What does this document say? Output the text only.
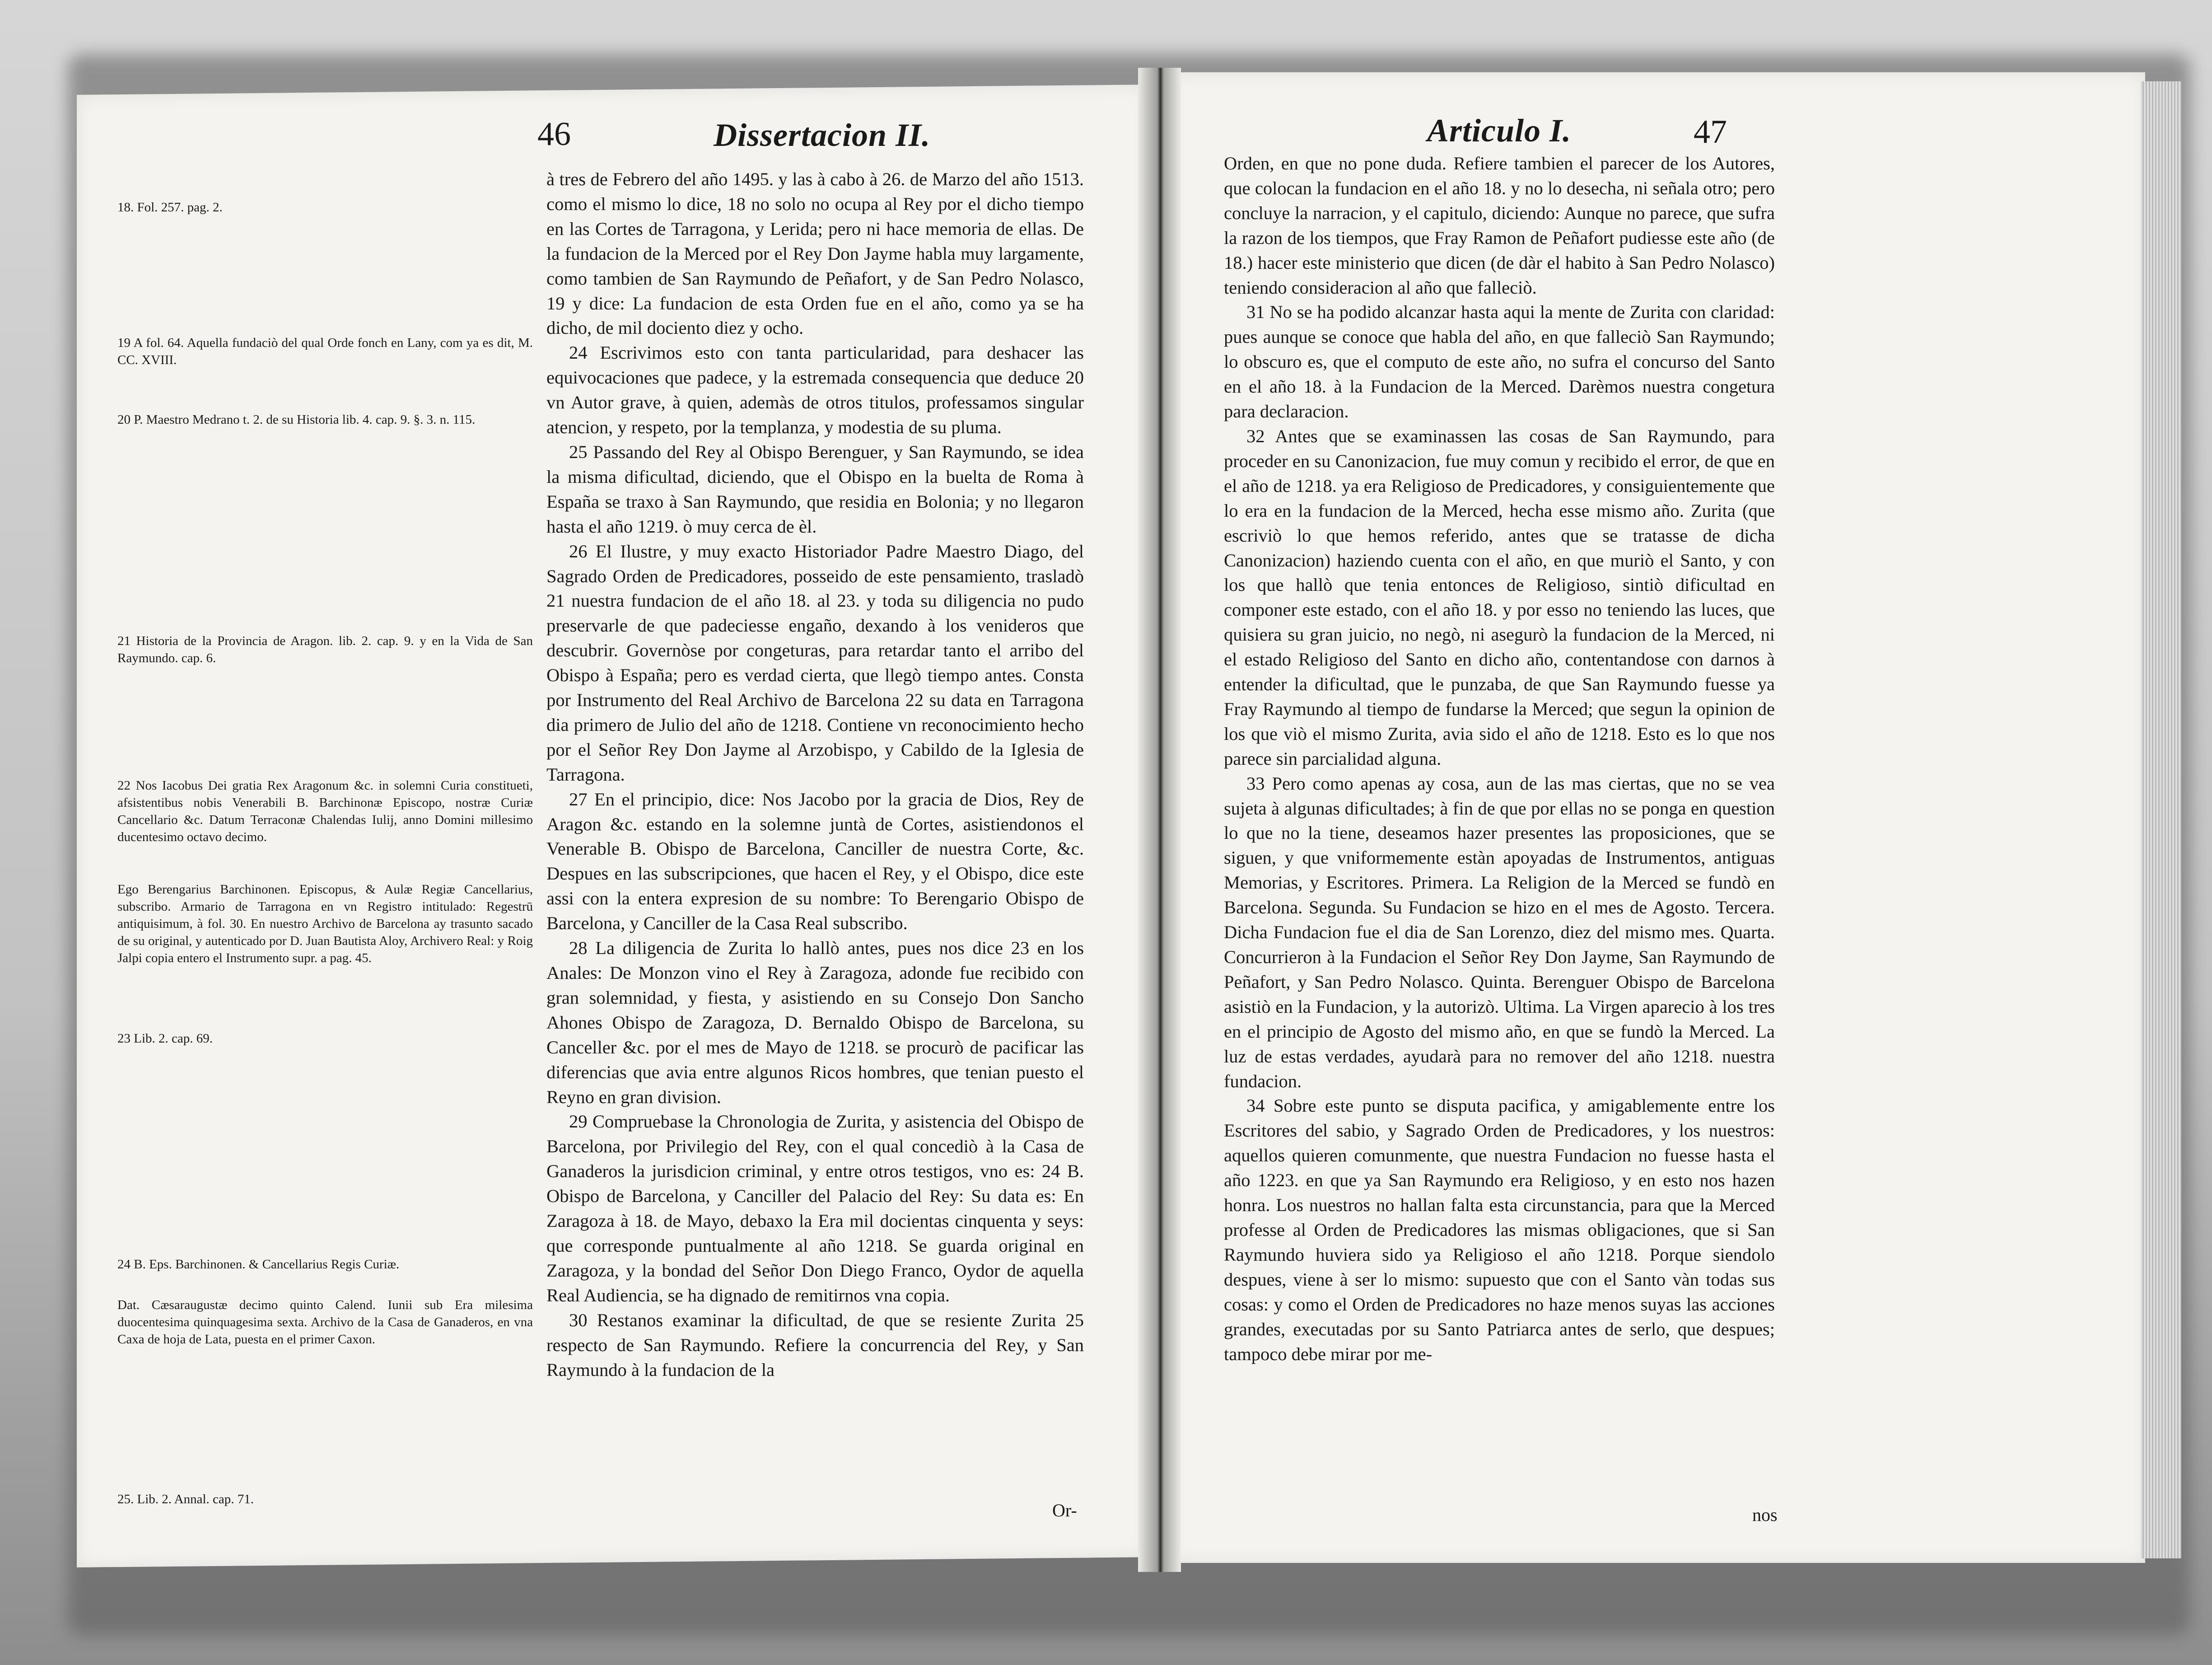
46	Dissertacion II.
18. Fol. 257. pag. 2.
19 A fol. 64. Aquella fundaciò del qual Orde fonch en Lany, com ya es dit, M. CC. XVIII.
20 P. Maestro Medrano t. 2. de su Historia lib. 4. cap. 9. §. 3. n. 115.
21 Historia de la Provincia de Aragon. lib. 2. cap. 9. y en la Vida de San Raymundo. cap. 6.
22 Nos Iacobus Dei gratia Rex Aragonum &c. in solemni Curia constitueti, afsistentibus nobis Venerabili B. Barchinonæ Episcopo, nostræ Curiæ Cancellario &c. Datum Terraconæ Chalendas Iulij, anno Domini millesimo ducentesimo octavo decimo.
Ego Berengarius Barchinonen. Episcopus, & Aulæ Regiæ Cancellarius, subscribo. Armario de Tarragona en vn Registro intitulado: Regestrū antiquisimum, à fol. 30. En nuestro Archivo de Barcelona ay trasunto sacado de su original, y autenticado por D. Juan Bautista Aloy, Archivero Real: y Roig Jalpi copia entero el Instrumento supr. a pag. 45.
23 Lib. 2. cap. 69.
24 B. Eps. Barchinonen. & Cancellarius Regis Curiæ.
Dat. Cæsaraugustæ decimo quinto Calend. Iunii sub Era milesima duocentesima quinquagesima sexta. Archivo de la Casa de Ganaderos, en vna Caxa de hoja de Lata, puesta en el primer Caxon.
25. Lib. 2. Annal. cap. 71.

à tres de Febrero del año 1495. y las à cabo à 26. de Marzo del año 1513. como el mismo lo dice, 18 no solo no ocupa al Rey por el dicho tiempo en las Cortes de Tarragona, y Lerida; pero ni hace memoria de ellas. De la fundacion de la Merced por el Rey Don Jayme habla muy largamente, como tambien de San Raymundo de Peñafort, y de San Pedro Nolasco, 19 y dice: La fundacion de esta Orden fue en el año, como ya se ha dicho, de mil dociento diez y ocho.

24 Escrivimos esto con tanta particularidad, para deshacer las equivocaciones que padece, y la estremada consequencia que deduce 20 vn Autor grave, à quien, ademàs de otros titulos, professamos singular atencion, y respeto, por la templanza, y modestia de su pluma.

25 Passando del Rey al Obispo Berenguer, y San Raymundo, se idea la misma dificultad, diciendo, que el Obispo en la buelta de Roma à España se traxo à San Raymundo, que residia en Bolonia; y no llegaron hasta el año 1219. ò muy cerca de èl.

26 El Ilustre, y muy exacto Historiador Padre Maestro Diago, del Sagrado Orden de Predicadores, posseido de este pensamiento, trasladò 21 nuestra fundacion de el año 18. al 23. y toda su diligencia no pudo preservarle de que padeciesse engaño, dexando à los venideros que descubrir. Governòse por congeturas, para retardar tanto el arribo del Obispo à España; pero es verdad cierta, que llegò tiempo antes. Consta por Instrumento del Real Archivo de Barcelona 22 su data en Tarragona dia primero de Julio del año de 1218. Contiene vn reconocimiento hecho por el Señor Rey Don Jayme al Arzobispo, y Cabildo de la Iglesia de Tarragona.

27 En el principio, dice: Nos Jacobo por la gracia de Dios, Rey de Aragon &c. estando en la solemne juntà de Cortes, asistiendonos el Venerable B. Obispo de Barcelona, Canciller de nuestra Corte, &c. Despues en las subscripciones, que hacen el Rey, y el Obispo, dice este assi con la entera expresion de su nombre: To Berengario Obispo de Barcelona, y Canciller de la Casa Real subscribo.

28 La diligencia de Zurita lo hallò antes, pues nos dice 23 en los Anales: De Monzon vino el Rey à Zaragoza, adonde fue recibido con gran solemnidad, y fiesta, y asistiendo en su Consejo Don Sancho Ahones Obispo de Zaragoza, D. Bernaldo Obispo de Barcelona, su Canceller &c. por el mes de Mayo de 1218. se procurò de pacificar las diferencias que avia entre algunos Ricos hombres, que tenian puesto el Reyno en gran division.

29 Compruebase la Chronologia de Zurita, y asistencia del Obispo de Barcelona, por Privilegio del Rey, con el qual concediò à la Casa de Ganaderos la jurisdicion criminal, y entre otros testigos, vno es: 24 B. Obispo de Barcelona, y Canciller del Palacio del Rey: Su data es: En Zaragoza à 18. de Mayo, debaxo la Era mil docientas cinquenta y seys: que corresponde puntualmente al año 1218. Se guarda original en Zaragoza, y la bondad del Señor Don Diego Franco, Oydor de aquella Real Audiencia, se ha dignado de remitirnos vna copia.

30 Restanos examinar la dificultad, de que se resiente Zurita 25 respecto de San Raymundo. Refiere la concurrencia del Rey, y San Raymundo à la fundacion de la

Or-
Articulo I.	47

Orden, en que no pone duda. Refiere tambien el parecer de los Autores, que colocan la fundacion en el año 18. y no lo desecha, ni señala otro; pero concluye la narracion, y el capitulo, diciendo: Aunque no parece, que sufra la razon de los tiempos, que Fray Ramon de Peñafort pudiesse este año (de 18.) hacer este ministerio que dicen (de dàr el habito à San Pedro Nolasco) teniendo consideracion al año que falleciò.

31 No se ha podido alcanzar hasta aqui la mente de Zurita con claridad: pues aunque se conoce que habla del año, en que falleciò San Raymundo; lo obscuro es, que el computo de este año, no sufra el concurso del Santo en el año 18. à la Fundacion de la Merced. Darèmos nuestra congetura para declaracion.

32 Antes que se examinassen las cosas de San Raymundo, para proceder en su Canonizacion, fue muy comun y recibido el error, de que en el año de 1218. ya era Religioso de Predicadores, y consiguientemente que lo era en la fundacion de la Merced, hecha esse mismo año. Zurita (que escriviò lo que hemos referido, antes que se tratasse de dicha Canonizacion) haziendo cuenta con el año, en que muriò el Santo, y con los que hallò que tenia entonces de Religioso, sintiò dificultad en componer este estado, con el año 18. y por esso no teniendo las luces, que quisiera su gran juicio, no negò, ni asegurò la fundacion de la Merced, ni el estado Religioso del Santo en dicho año, contentandose con darnos à entender la dificultad, que le punzaba, de que San Raymundo fuesse ya Fray Raymundo al tiempo de fundarse la Merced; que segun la opinion de los que viò el mismo Zurita, avia sido el año de 1218. Esto es lo que nos parece sin parcialidad alguna.

33 Pero como apenas ay cosa, aun de las mas ciertas, que no se vea sujeta à algunas dificultades; à fin de que por ellas no se ponga en question lo que no la tiene, deseamos hazer presentes las proposiciones, que se siguen, y que vniformemente estàn apoyadas de Instrumentos, antiguas Memorias, y Escritores. Primera. La Religion de la Merced se fundò en Barcelona. Segunda. Su Fundacion se hizo en el mes de Agosto. Tercera. Dicha Fundacion fue el dia de San Lorenzo, diez del mismo mes. Quarta. Concurrieron à la Fundacion el Señor Rey Don Jayme, San Raymundo de Peñafort, y San Pedro Nolasco. Quinta. Berenguer Obispo de Barcelona asistiò en la Fundacion, y la autorizò. Ultima. La Virgen aparecio à los tres en el principio de Agosto del mismo año, en que se fundò la Merced. La luz de estas verdades, ayudarà para no remover del año 1218. nuestra fundacion.

34 Sobre este punto se disputa pacifica, y amigablemente entre los Escritores del sabio, y Sagrado Orden de Predicadores, y los nuestros: aquellos quieren comunmente, que nuestra Fundacion no fuesse hasta el año 1223. en que ya San Raymundo era Religioso, y en esto nos hazen honra. Los nuestros no hallan falta esta circunstancia, para que la Merced professe al Orden de Predicadores las mismas obligaciones, que si San Raymundo huviera sido ya Religioso el año 1218. Porque siendolo despues, viene à ser lo mismo: supuesto que con el Santo vàn todas sus cosas: y como el Orden de Predicadores no haze menos suyas las acciones grandes, executadas por su Santo Patriarca antes de serlo, que despues; tampoco debe mirar por me-

nos
